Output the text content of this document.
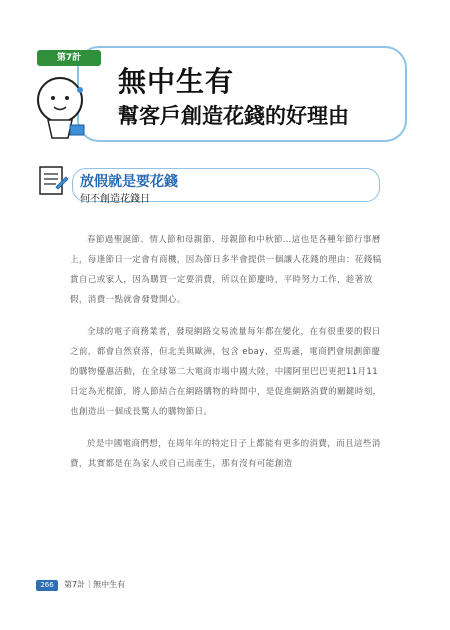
第7計
無中生有
幫客戶創造花錢的好理由
放假就是要花錢
何不創造花錢日

春節過聖誕節、情人節和母親節、母親節和中秋節…這也是各種年節行事曆上，每逢節日一定會有商機，因為節日多半會提供一個讓人花錢的理由：花錢犒賞自己或家人，因為購買一定要消費，所以在節慶時，平時努力工作，趁著放假，消費一點就會發覺開心。

全球的電子商務業者，發現網路交易流量每年都在變化，在有很重要的假日之前，都會自然衰落，但北美與歐洲，包含 ebay、亞馬遜，電商們會規劃節慶的購物優惠活動，在全球第二大電商市場中國大陸，中國阿里巴巴更把11月11日定為光棍節，將人節結合在網路購物的時間中，是促進網路消費的關鍵時刻，也創造出一個成長驚人的購物節日。

於是中國電商們想，在周年年的特定日子上都能有更多的消費，而且這些消費，其實都是在為家人或自己而產生，那有沒有可能創造

266	第7計｜無中生有
